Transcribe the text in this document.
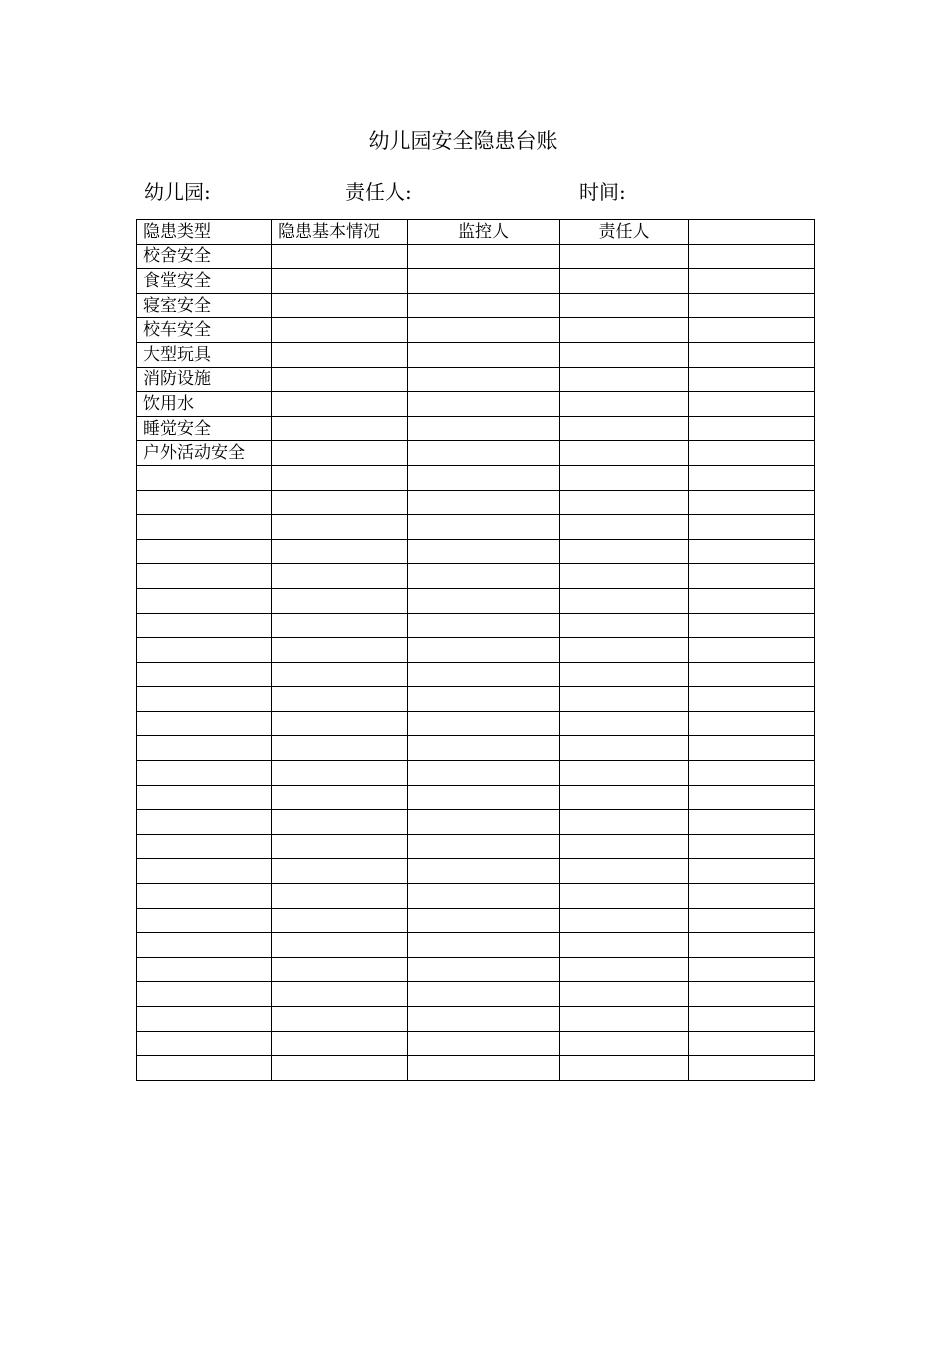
幼儿园安全隐患台账
幼儿园:	责任人:	时间:
隐患类型	隐患基本情况	监控人	责任人	
校舍安全				
食堂安全				
寝室安全				
校车安全				
大型玩具				
消防设施				
饮用水				
睡觉安全				
户外活动安全				
